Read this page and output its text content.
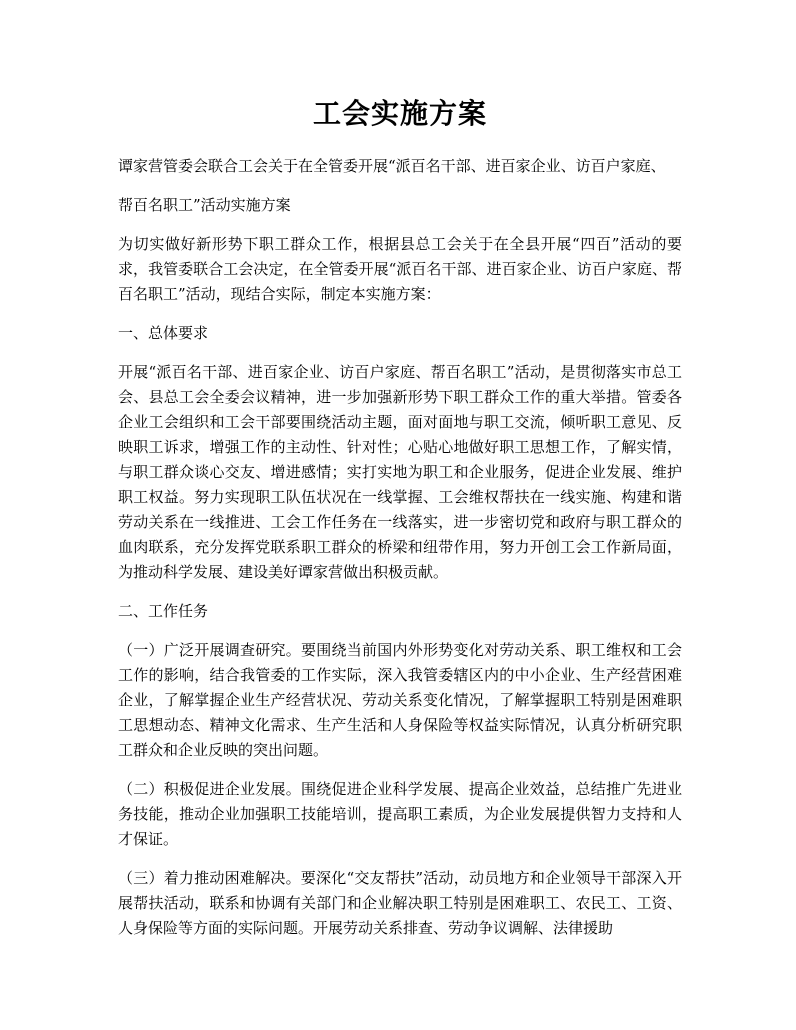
工会实施方案

谭家营管委会联合工会关于在全管委开展“派百名干部、进百家企业、访百户家庭、

帮百名职工”活动实施方案

为切实做好新形势下职工群众工作，根据县总工会关于在全县开展“四百”活动的要求，我管委联合工会决定，在全管委开展“派百名干部、进百家企业、访百户家庭、帮百名职工”活动，现结合实际，制定本实施方案：

一、总体要求

开展“派百名干部、进百家企业、访百户家庭、帮百名职工”活动，是贯彻落实市总工会、县总工会全委会议精神，进一步加强新形势下职工群众工作的重大举措。管委各企业工会组织和工会干部要围绕活动主题，面对面地与职工交流，倾听职工意见、反映职工诉求，增强工作的主动性、针对性；心贴心地做好职工思想工作，了解实情，与职工群众谈心交友、增进感情；实打实地为职工和企业服务，促进企业发展、维护职工权益。努力实现职工队伍状况在一线掌握、工会维权帮扶在一线实施、构建和谐劳动关系在一线推进、工会工作任务在一线落实，进一步密切党和政府与职工群众的血肉联系，充分发挥党联系职工群众的桥梁和纽带作用，努力开创工会工作新局面，为推动科学发展、建设美好谭家营做出积极贡献。

二、工作任务

（一）广泛开展调查研究。要围绕当前国内外形势变化对劳动关系、职工维权和工会工作的影响，结合我管委的工作实际，深入我管委辖区内的中小企业、生产经营困难企业，了解掌握企业生产经营状况、劳动关系变化情况，了解掌握职工特别是困难职工思想动态、精神文化需求、生产生活和人身保险等权益实际情况，认真分析研究职工群众和企业反映的突出问题。

（二）积极促进企业发展。围绕促进企业科学发展、提高企业效益，总结推广先进业务技能，推动企业加强职工技能培训，提高职工素质，为企业发展提供智力支持和人才保证。

（三）着力推动困难解决。要深化“交友帮扶”活动，动员地方和企业领导干部深入开展帮扶活动，联系和协调有关部门和企业解决职工特别是困难职工、农民工、工资、人身保险等方面的实际问题。开展劳动关系排查、劳动争议调解、法律援助
